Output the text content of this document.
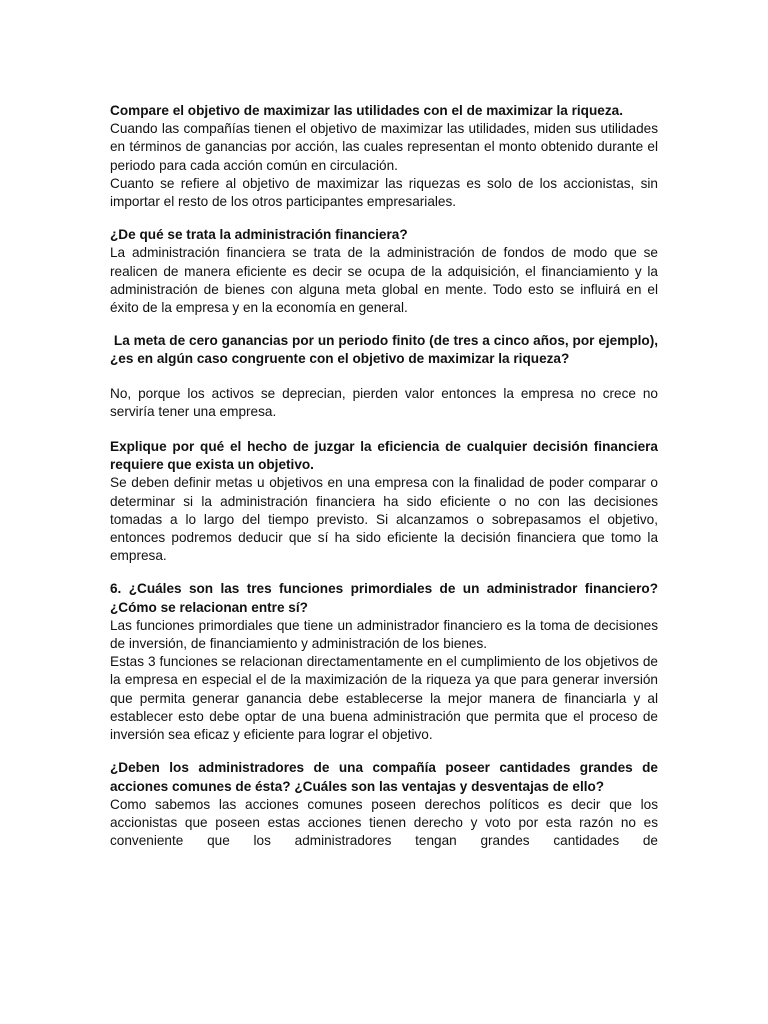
Compare el objetivo de maximizar las utilidades con el de maximizar la riqueza.

Cuando las compañías tienen el objetivo de maximizar las utilidades, miden sus utilidades en términos de ganancias por acción, las cuales representan el monto obtenido durante el periodo para cada acción común en circulación.

Cuanto se refiere al objetivo de maximizar las riquezas es solo de los accionistas, sin importar el resto de los otros participantes empresariales.

¿De qué se trata la administración financiera?

La administración financiera se trata de la administración de fondos de modo que se realicen de manera eficiente es decir se ocupa de la adquisición, el financiamiento y la administración de bienes con alguna meta global en mente. Todo esto se influirá en el éxito de la empresa y en la economía en general.

La meta de cero ganancias por un periodo finito (de tres a cinco años, por ejemplo), ¿es en algún caso congruente con el objetivo de maximizar la riqueza?

No, porque los activos se deprecian, pierden valor entonces la empresa no crece no serviría tener una empresa.

Explique por qué el hecho de juzgar la eficiencia de cualquier decisión financiera requiere que exista un objetivo.

Se deben definir metas u objetivos en una empresa con la finalidad de poder comparar o determinar si la administración financiera ha sido eficiente o no con las decisiones tomadas a lo largo del tiempo previsto. Si alcanzamos o sobrepasamos el objetivo, entonces podremos deducir que sí ha sido eficiente la decisión financiera que tomo la empresa.

6. ¿Cuáles son las tres funciones primordiales de un administrador financiero? ¿Cómo se relacionan entre sí?

Las funciones primordiales que tiene un administrador financiero es la toma de decisiones de inversión, de financiamiento y administración de los bienes.

Estas 3 funciones se relacionan directamentamente en el cumplimiento de los objetivos de la empresa en especial el de la maximización de la riqueza ya que para generar inversión que permita generar ganancia debe establecerse la mejor manera de financiarla y al establecer esto debe optar de una buena administración que permita que el proceso de inversión sea eficaz y eficiente para lograr el objetivo.

¿Deben los administradores de una compañía poseer cantidades grandes de acciones comunes de ésta? ¿Cuáles son las ventajas y desventajas de ello?

Como sabemos las acciones comunes poseen derechos políticos es decir que los accionistas que poseen estas acciones tienen derecho y voto por esta razón no es conveniente que los administradores tengan grandes cantidades de
